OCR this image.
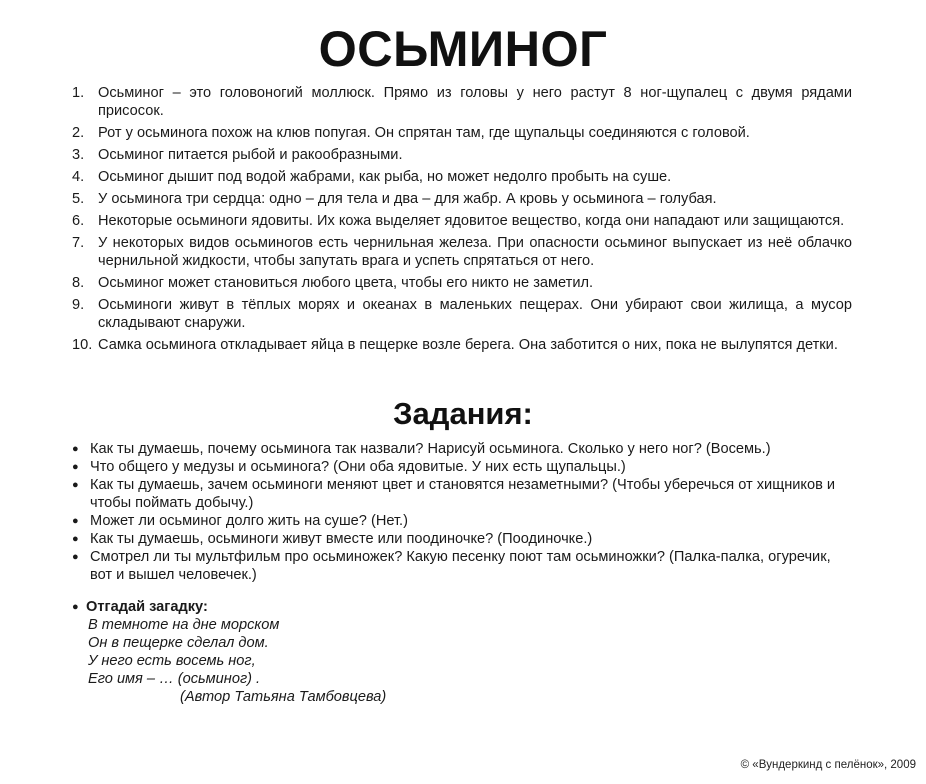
ОСЬМИНОГ
1. Осьминог – это головоногий моллюск. Прямо из головы у него растут 8 ног-щупалец с двумя рядами присосок.
2. Рот у осьминога похож на клюв попугая. Он спрятан там, где щупальцы соединяются с головой.
3. Осьминог питается рыбой и ракообразными.
4. Осьминог дышит под водой жабрами, как рыба, но может недолго пробыть на суше.
5. У осьминога три сердца: одно – для тела и два – для жабр. А кровь у осьминога – голубая.
6. Некоторые осьминоги ядовиты. Их кожа выделяет ядовитое вещество, когда они нападают или защищаются.
7. У некоторых видов осьминогов есть чернильная железа. При опасности осьминог выпускает из неё облачко чернильной жидкости, чтобы запутать врага и успеть спрятаться от него.
8. Осьминог может становиться любого цвета, чтобы его никто не заметил.
9. Осьминоги живут в тёплых морях и океанах в маленьких пещерах. Они убирают свои жилища, а мусор складывают снаружи.
10. Самка осьминога откладывает яйца в пещерке возле берега. Она заботится о них, пока не вылупятся детки.
Задания:
● Как ты думаешь, почему осьминога так назвали? Нарисуй осьминога. Сколько у него ног? (Восемь.)
● Что общего у медузы и осьминога? (Они оба ядовитые. У них есть щупальцы.)
● Как ты думаешь, зачем осьминоги меняют цвет и становятся незаметными? (Чтобы уберечься от хищников и чтобы поймать добычу.)
● Может ли осьминог долго жить на суше? (Нет.)
● Как ты думаешь, осьминоги живут вместе или поодиночке? (Поодиночке.)
● Смотрел ли ты мультфильм про осьминожек? Какую песенку поют там осьминожки? (Палка-палка, огуречик, вот и вышел человечек.)
● Отгадай загадку:
В темноте на дне морском
Он в пещерке сделал дом.
У него есть восемь ног,
Его имя – … (осьминог) .
(Автор Татьяна Тамбовцева)
© «Вундеркинд с пелёнок», 2009
